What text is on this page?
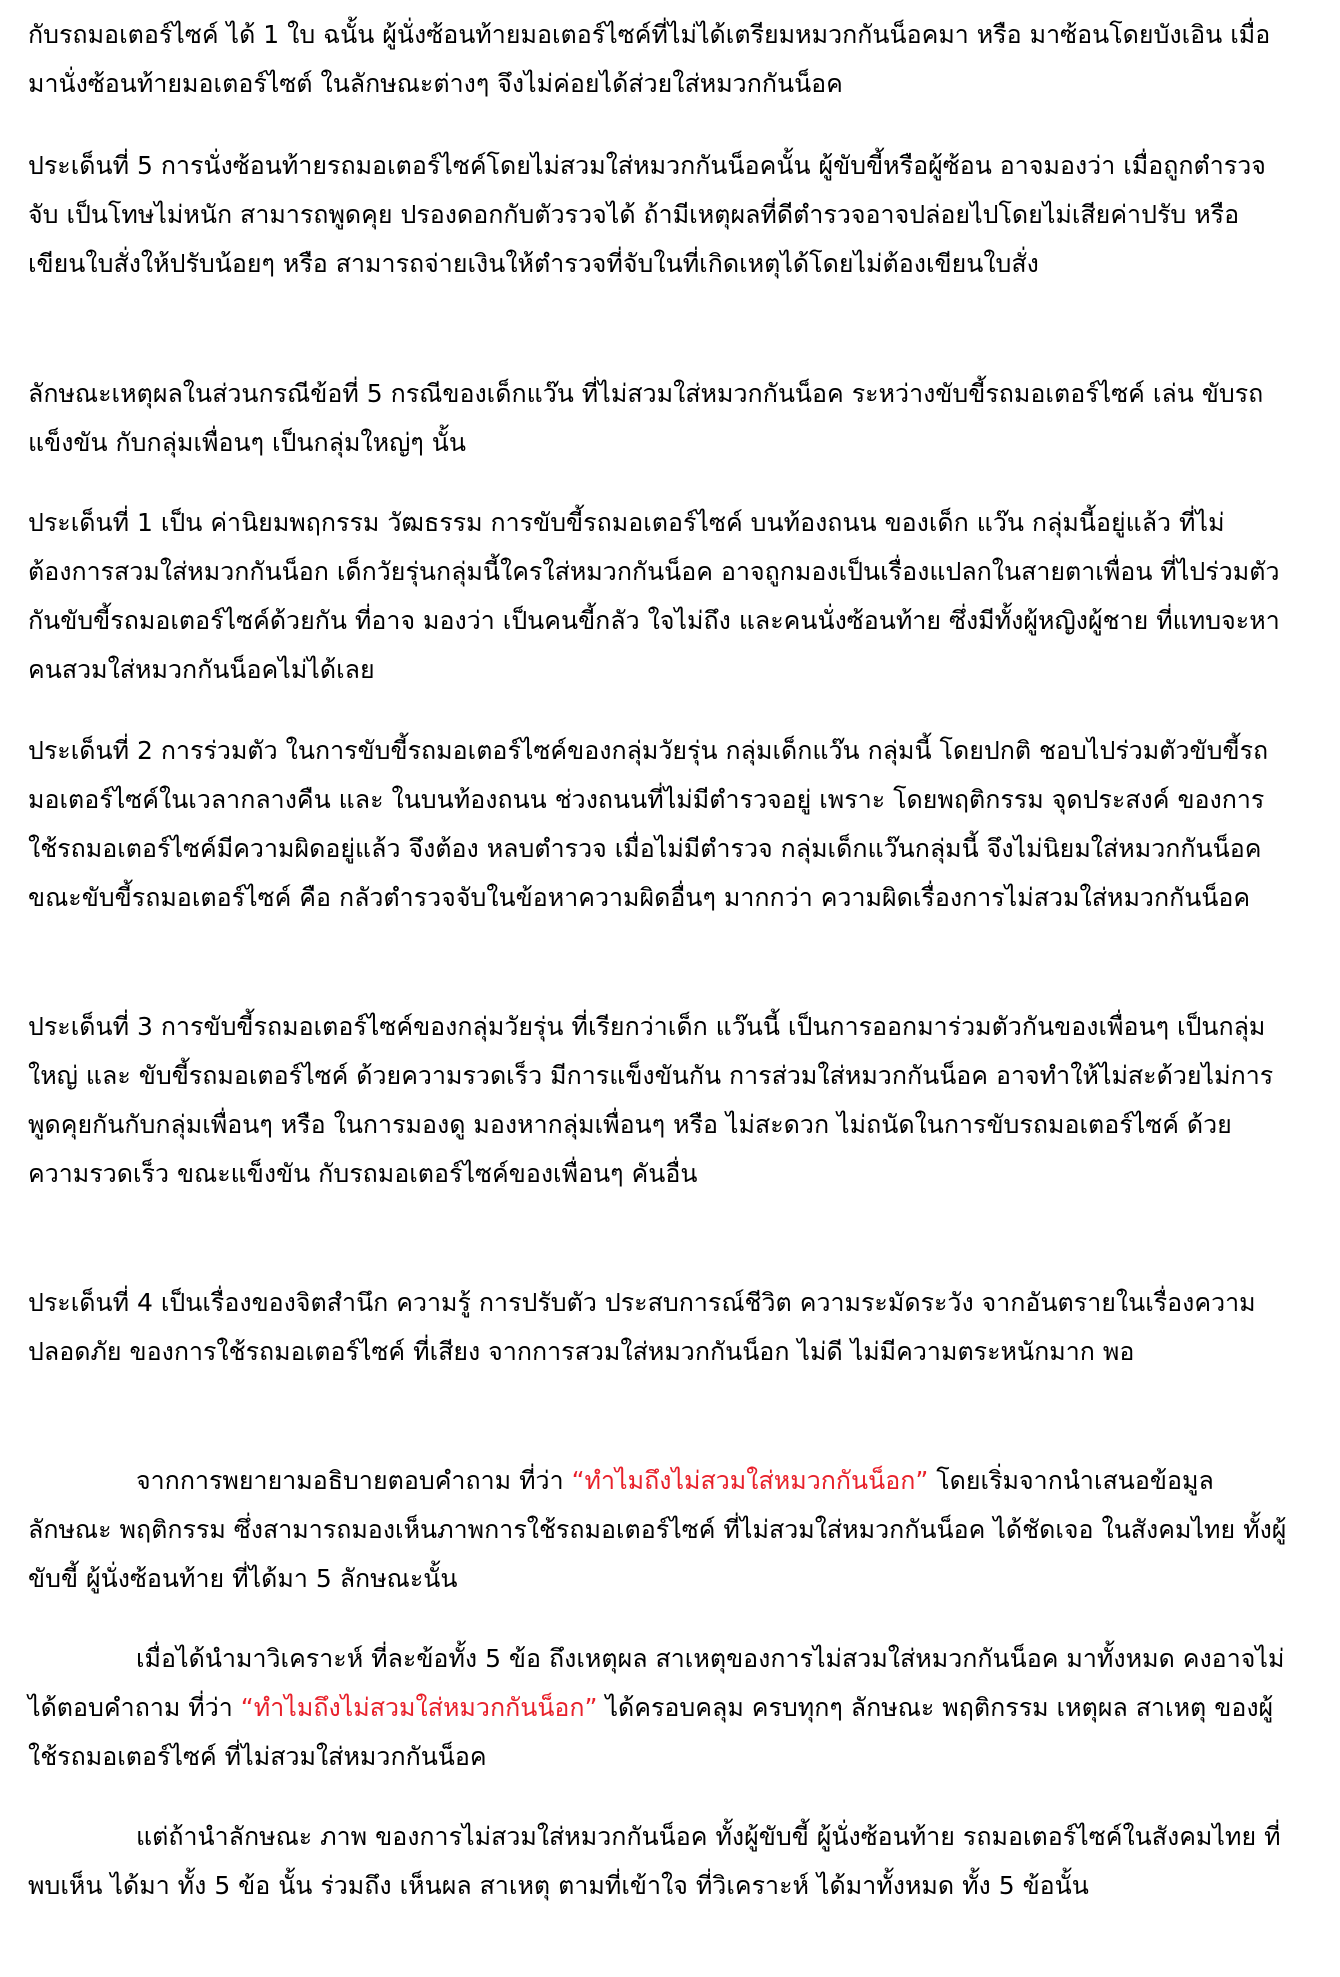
กับรถมอเตอร์ไซค์ ได้ 1 ใบ ฉนั้น ผู้นั่งซ้อนท้ายมอเตอร์ไซค์ที่ไม่ได้เตรียมหมวกกันน็อคมา หรือ มาซ้อนโดยบังเอิน เมื่อมานั่งซ้อนท้ายมอเตอร์ไซต์ ในลักษณะต่างๆ จึงไม่ค่อยได้ส่วยใส่หมวกกันน็อค

ประเด็นที่ 5 การนั่งซ้อนท้ายรถมอเตอร์ไซค์โดยไม่สวมใส่หมวกกันน็อคนั้น ผู้ขับขี้หรือผู้ซ้อน อาจมองว่า เมื่อถูกตำรวจจับ เป็นโทษไม่หนัก สามารถพูดคุย ปรองดอกกับตัวรวจได้ ถ้ามีเหตุผลที่ดีตำรวจอาจปล่อยไปโดยไม่เสียค่าปรับ หรือ เขียนใบสั่งให้ปรับน้อยๆ หรือ สามารถจ่ายเงินให้ตำรวจที่จับในที่เกิดเหตุได้โดยไม่ต้องเขียนใบสั่ง

ลักษณะเหตุผลในส่วนกรณีข้อที่ 5 กรณีของเด็กแว๊น ที่ไม่สวมใส่หมวกกันน็อค ระหว่างขับขี้รถมอเตอร์ไซค์ เล่น ขับรถแข็งขัน กับกลุ่มเพื่อนๆ เป็นกลุ่มใหญ่ๆ นั้น

ประเด็นที่ 1 เป็น ค่านิยมพฤกรรม วัฒธรรม การขับขี้รถมอเตอร์ไซค์ บนท้องถนน ของเด็ก แว๊น กลุ่มนี้อยู่แล้ว ที่ไม่ต้องการสวมใส่หมวกกันน็อก เด็กวัยรุ่นกลุ่มนี้ใครใส่หมวกกันน็อค อาจถูกมองเป็นเรื่องแปลกในสายตาเพื่อน ที่ไปร่วมตัวกันขับขี้รถมอเตอร์ไซค์ด้วยกัน ที่อาจ มองว่า เป็นคนขี้กลัว ใจไม่ถึง และคนนั่งซ้อนท้าย ซึ่งมีทั้งผู้หญิงผู้ชาย ที่แทบจะหาคนสวมใส่หมวกกันน็อคไม่ได้เลย

ประเด็นที่ 2 การร่วมตัว ในการขับขี้รถมอเตอร์ไซค์ของกลุ่มวัยรุ่น กลุ่มเด็กแว๊น กลุ่มนี้ โดยปกติ ชอบไปร่วมตัวขับขี้รถมอเตอร์ไซค์ในเวลากลางคืน และ ในบนท้องถนน ช่วงถนนที่ไม่มีตำรวจอยู่ เพราะ โดยพฤติกรรม จุดประสงค์ ของการใช้รถมอเตอร์ไซค์มีความผิดอยู่แล้ว จึงต้อง หลบตำรวจ เมื่อไม่มีตำรวจ กลุ่มเด็กแว๊นกลุ่มนี้ จึงไม่นิยมใส่หมวกกันน็อค ขณะขับขี้รถมอเตอร์ไซค์ คือ กลัวตำรวจจับในข้อหาความผิดอื่นๆ มากกว่า ความผิดเรื่องการไม่สวมใส่หมวกกันน็อค

ประเด็นที่ 3 การขับขี้รถมอเตอร์ไซค์ของกลุ่มวัยรุ่น ที่เรียกว่าเด็ก แว๊นนี้ เป็นการออกมาร่วมตัวกันของเพื่อนๆ เป็นกลุ่มใหญ่ และ ขับขี้รถมอเตอร์ไซค์ ด้วยความรวดเร็ว มีการแข็งขันกัน การส่วมใส่หมวกกันน็อค อาจทำให้ไม่สะด้วยไม่การ พูดคุยกันกับกลุ่มเพื่อนๆ หรือ ในการมองดู มองหากลุ่มเพื่อนๆ หรือ ไม่สะดวก ไม่ถนัดในการขับรถมอเตอร์ไซค์ ด้วยความรวดเร็ว ขณะแข็งขัน กับรถมอเตอร์ไซค์ของเพื่อนๆ คันอื่น

ประเด็นที่ 4 เป็นเรื่องของจิตสำนึก ความรู้ การปรับตัว ประสบการณ์ชีวิต ความระมัดระวัง จากอันตรายในเรื่องความปลอดภัย ของการใช้รถมอเตอร์ไซค์ ที่เสียง จากการสวมใส่หมวกกันน็อก ไม่ดี ไม่มีความตระหนักมาก พอ

จากการพยายามอธิบายตอบคำถาม ที่ว่า “ทำไมถึงไม่สวมใส่หมวกกันน็อก” โดยเริ่มจากนำเสนอข้อมูล ลักษณะ พฤติกรรม ซึ่งสามารถมองเห็นภาพการใช้รถมอเตอร์ไซค์ ที่ไม่สวมใส่หมวกกันน็อค ได้ชัดเจอ ในสังคมไทย ทั้งผู้ขับขี้ ผู้นั่งซ้อนท้าย ที่ได้มา 5 ลักษณะนั้น

เมื่อได้นำมาวิเคราะห์ ที่ละข้อทั้ง 5 ข้อ ถึงเหตุผล สาเหตุของการไม่สวมใส่หมวกกันน็อค มาทั้งหมด คงอาจไม่ได้ตอบคำถาม ที่ว่า “ทำไมถึงไม่สวมใส่หมวกกันน็อก” ได้ครอบคลุม ครบทุกๆ ลักษณะ พฤติกรรม เหตุผล สาเหตุ ของผู้ใช้รถมอเตอร์ไซค์ ที่ไม่สวมใส่หมวกกันน็อค

แต่ถ้านำลักษณะ ภาพ ของการไม่สวมใส่หมวกกันน็อค ทั้งผู้ขับขี้ ผู้นั่งซ้อนท้าย รถมอเตอร์ไซค์ในสังคมไทย ที่พบเห็น ได้มา ทั้ง 5 ข้อ นั้น ร่วมถึง เห็นผล สาเหตุ ตามที่เข้าใจ ที่วิเคราะห์ ได้มาทั้งหมด ทั้ง 5 ข้อนั้น
